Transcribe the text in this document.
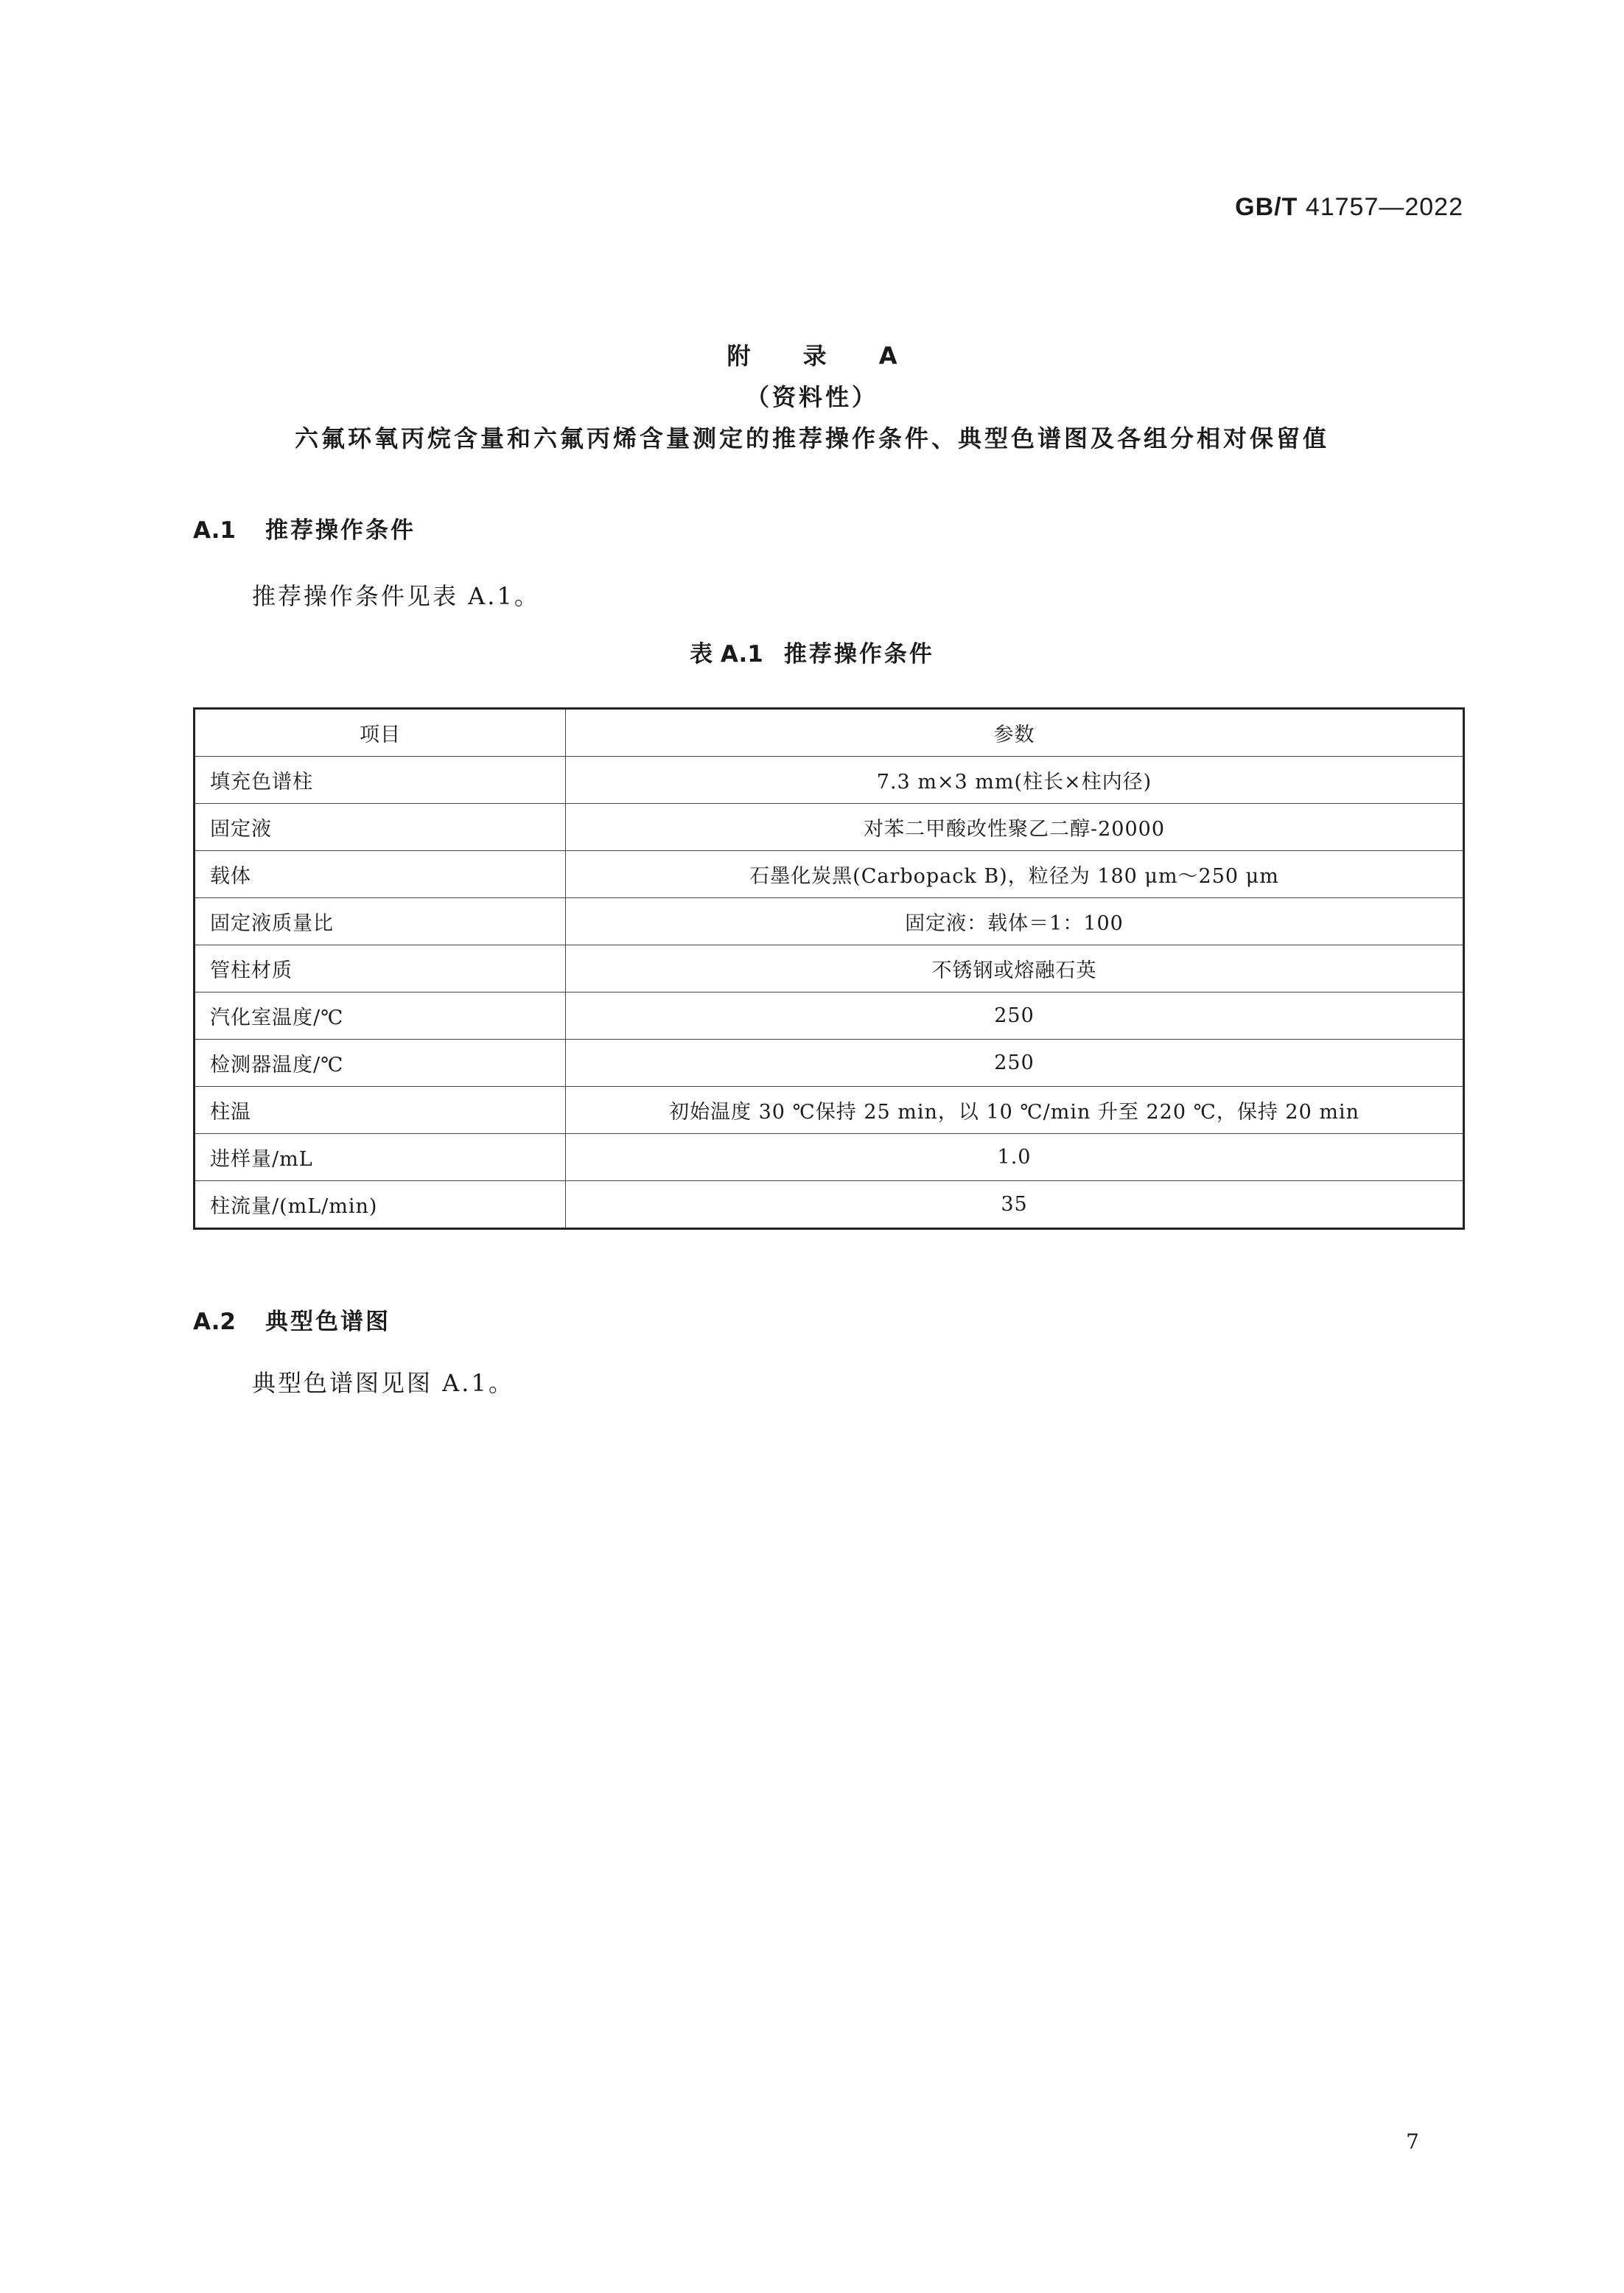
GB/T 41757—2022
附 录 A
（资料性）
六氟环氧丙烷含量和六氟丙烯含量测定的推荐操作条件、典型色谱图及各组分相对保留值
A.1 推荐操作条件
推荐操作条件见表 A.1。
表 A.1 推荐操作条件
项目	参数
填充色谱柱	7.3 m×3 mm(柱长×柱内径)
固定液	对苯二甲酸改性聚乙二醇-20000
载体	石墨化炭黑(Carbopack B)，粒径为 180 μm～250 μm
固定液质量比	固定液：载体＝1：100
管柱材质	不锈钢或熔融石英
汽化室温度/℃	250
检测器温度/℃	250
柱温	初始温度 30 ℃保持 25 min，以 10 ℃/min 升至 220 ℃，保持 20 min
进样量/mL	1.0
柱流量/(mL/min)	35
A.2 典型色谱图
典型色谱图见图 A.1。
7
